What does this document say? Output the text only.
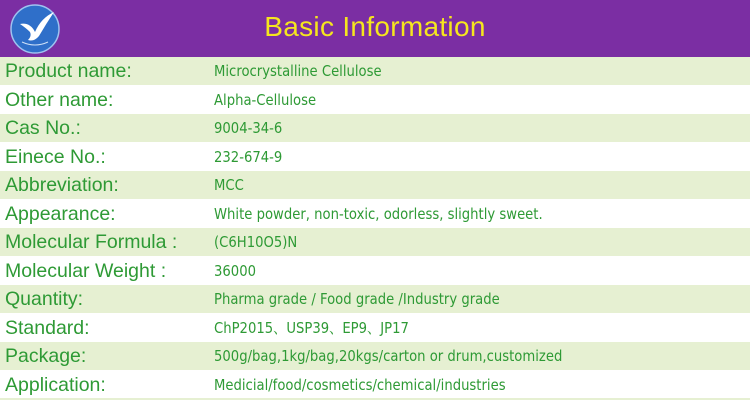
Basic Information
Product name:	Microcrystalline Cellulose
Other name:	Alpha-Cellulose
Cas No.:	9004-34-6
Einece No.:	232-674-9
Abbreviation:	MCC
Appearance:	White powder, non-toxic, odorless, slightly sweet.
Molecular Formula : (C6H10O5)N
Molecular Weight :	36000
Quantity:	Pharma grade / Food grade /Industry grade
Standard:	ChP2015、USP39、EP9、JP17
Package:	500g/bag,1kg/bag,20kgs/carton or drum,customized
Application:	Medicial/food/cosmetics/chemical/industries
